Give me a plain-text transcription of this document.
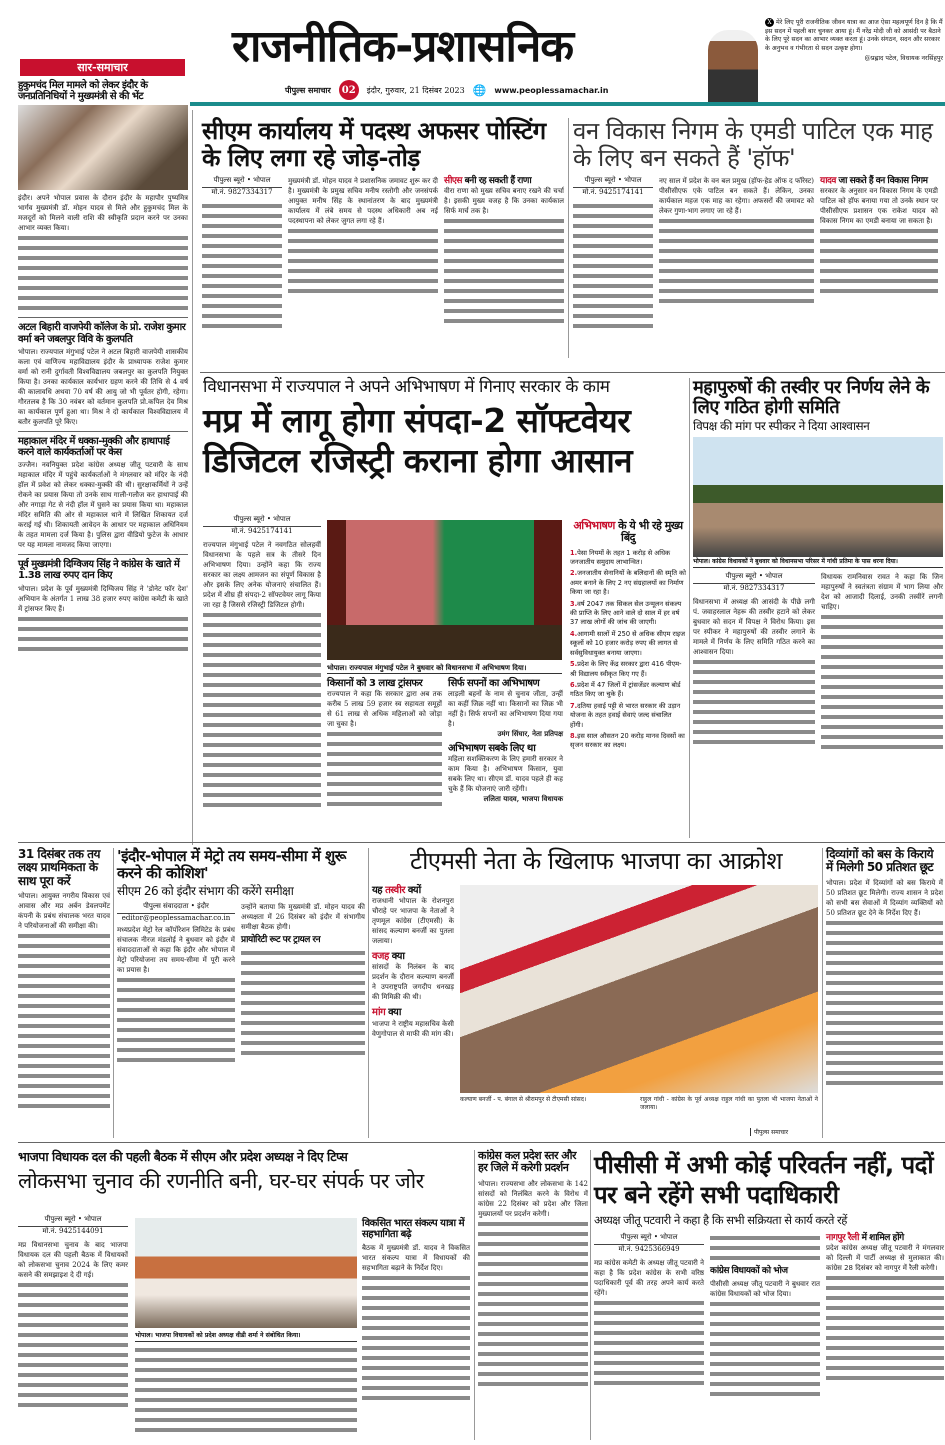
सार-समाचार	राजनीतिक-प्रशासनिक
पीपुल्स समाचार	02	इंदौर, गुरुवार, 21 दिसंबर 2023 🌐 www.peoplessamachar.in
X मेरे लिए पूरी राजनीतिक जीवन यात्रा का आज ऐसा महत्वपूर्ण दिन है कि मैं इस सदन में पहली बार चुनकर आया हूं। मैं नरेंद्र मोदी जी को आसंदी पर बैठाने के लिए पूरे सदन का आभार व्यक्त करता हूं। उनके संगठन, सदन और सरकार के अनुभव व गंभीरता से सदन उत्कृष्ट होगा।
@प्रह्लाद पटेल, विधायक नरसिंहपुर
हुकुमचंद मिल मामले को लेकर इंदौर के जनप्रतिनिधियों ने मुख्यमंत्री से की भेंट
इंदौर। अपने भोपाल प्रवास के दौरान इंदौर के महापौर पुष्यमित्र भार्गव मुख्यमंत्री डॉ. मोहन यादव से मिले और हुकुमचंद मिल के मजदूरों को मिलने वाली राशि की स्वीकृति प्रदान करने पर उनका आभार व्यक्त किया।
अटल बिहारी वाजपेयी कॉलेज के प्रो. राजेश कुमार वर्मा बने जबलपुर विवि के कुलपति
भोपाल। राज्यपाल मंगुभाई पटेल ने अटल बिहारी वाजपेयी शासकीय कला एवं वाणिज्य महाविद्यालय इंदौर के प्राध्यापक राजेश कुमार वर्मा को रानी दुर्गावती विश्वविद्यालय जबलपुर का कुलपति नियुक्त किया है। उनका कार्यकाल कार्यभार ग्रहण करने की तिथि से 4 वर्ष की कालावधि अथवा 70 वर्ष की आयु जो भी पूर्वतर होगी, रहेगा। गौरतलब है कि 30 नवंबर को वर्तमान कुलपति प्रो.कपिल देव मिश्र का कार्यकाल पूर्ण हुआ था। मिश्र ने दो कार्यकाल विश्वविद्यालय में बतौर कुलपति पूरे किए।
महाकाल मंदिर में धक्का-मुक्की और हाथापाई करने वाले कार्यकर्ताओं पर केस
उज्जैन। नवनियुक्त प्रदेश कांग्रेस अध्यक्ष जीतू पटवारी के साथ महाकाल मंदिर में पहुंचे कार्यकर्ताओं ने मंगलवार को मंदिर के नंदी हॉल में प्रवेश को लेकर धक्का-मुक्की की थी। सुरक्षाकर्मियों ने उन्हें रोकने का प्रयास किया तो उनके साथ गाली-गलौज कर हाथापाई की और नगाड़ा गेट से नंदी हॉल में घुसने का प्रयास किया था। महाकाल मंदिर समिति की ओर से महाकाल थाने में लिखित शिकायत दर्ज कराई गई थी। शिकायती आवेदन के आधार पर महाकाल अधिनियम के तहत मामला दर्ज किया है। पुलिस द्वारा वीडियो फुटेज के आधार पर यह मामला नामजद किया जाएगा।
पूर्व मुख्यमंत्री दिग्विजय सिंह ने कांग्रेस के खाते में 1.38 लाख रुपए दान किए
भोपाल। प्रदेश के पूर्व मुख्यमंत्री दिग्विजय सिंह ने 'डोनेट फॉर देश' अभियान के अंतर्गत 1 लाख 38 हजार रुपए कांग्रेस कमेटी के खाते में ट्रांसफर किए हैं।
सीएम कार्यालय में पदस्थ अफसर पोस्टिंग के लिए लगा रहे जोड़-तोड़
पीपुल्स ब्यूरो • भोपाल
मो.नं. 9827334317
मुख्यमंत्री डॉ. मोहन यादव ने प्रशासनिक जमावट शुरू कर दी है। मुख्यमंत्री के प्रमुख सचिव मनीष रस्तोगी और जनसंपर्क आयुक्त मनीष सिंह के स्थानांतरण के बाद मुख्यमंत्री कार्यालय में लंबे समय से पदस्थ अधिकारी अब नई पदस्थापना को लेकर जुगत लगा रहे हैं।
सीएस बनी रह सकती हैं राणा
वीरा राणा को मुख्य सचिव बनाए रखने की चर्चा है। इसकी मुख्य वजह है कि उनका कार्यकाल सिर्फ मार्च तक है।
वन विकास निगम के एमडी पाटिल एक माह के लिए बन सकते हैं 'हॉफ'
पीपुल्स ब्यूरो • भोपाल
मो.नं. 9425174141
नए साल में प्रदेश के वन बल प्रमुख (हॉफ-हेड ऑफ द फॉरेस्ट) पीसीसीएफ एके पाटिल बन सकते हैं। लेकिन, उनका कार्यकाल महज एक माह का रहेगा। अफसरों की जमावट को लेकर गुणा-भाग लगाए जा रहे हैं।
यादव जा सकते हैं वन विकास निगम
सरकार के अनुसार वन विकास निगम के एमडी पाटिल को हॉफ बनाया गया तो उनके स्थान पर पीसीसीएफ प्रशासन एक राकेश यादव को विकास निगम का एमडी बनाया जा सकता है।
विधानसभा में राज्यपाल ने अपने अभिभाषण में गिनाए सरकार के काम
मप्र में लागू होगा संपदा-2 सॉफ्टवेयर डिजिटल रजिस्ट्री कराना होगा आसान
पीपुल्स ब्यूरो • भोपाल
मो.नं. 9425174141
राज्यपाल मंगुभाई पटेल ने नवगठित सोलहवीं विधानसभा के पहले सत्र के तीसरे दिन अभिभाषण दिया। उन्होंने कहा कि राज्य सरकार का लक्ष्य आमजन का संपूर्ण विकास है और इसके लिए अनेक योजनाएं संचालित हैं। प्रदेश में शीघ्र ही संपदा-2 सॉफ्टवेयर लागू किया जा रहा है जिससे रजिस्ट्री डिजिटल होगी।
भोपाल। राज्यपाल मंगुभाई पटेल ने बुधवार को विधानसभा में अभिभाषण दिया।
किसानों को 3 लाख ट्रांसफर
राज्यपाल ने कहा कि सरकार द्वारा अब तक करीब 5 लाख 59 हजार स्व सहायता समूहों से 61 लाख से अधिक महिलाओं को जोड़ा जा चुका है।
सिर्फ सपनों का अभिभाषण
लाड़ली बहनों के नाम से चुनाव जीता, उन्हीं का कहीं जिक्र नहीं था। किसानों का जिक्र भी नहीं है। सिर्फ सपनों का अभिभाषण दिया गया है।
उमंग सिंघार, नेता प्रतिपक्ष
अभिभाषण सबके लिए था
महिला सशक्तिकरण के लिए हमारी सरकार ने काम किया है। अभिभाषण किसान, युवा सबके लिए था। सीएम डॉ. यादव पहले ही कह चुके हैं कि योजनाएं जारी रहेंगी।
ललिता यादव, भाजपा विधायक
अभिभाषण के ये भी रहे मुख्य बिंदु
1.पेसा नियमों के तहत 1 करोड़ से अधिक जनजातीय समुदाय लाभान्वित।
2.जनजातीय सेनानियों के बलिदानों की स्मृति को अमर बनाने के लिए 2 नए संग्रहालयों का निर्माण किया जा रहा है।
3.वर्ष 2047 तक सिकल सेल उन्मूलन संकल्प की प्राप्ति के लिए आने वाले दो साल में हर वर्ष 37 लाख लोगों की जांच की जाएगी।
4.आगामी सालों में 250 से अधिक सीएम राइज स्कूलों को 10 हजार करोड़ रुपए की लागत से सर्वसुविधायुक्त बनाया जाएगा।
5.प्रदेश के लिए केंद्र सरकार द्वारा 416 पीएम- श्री विद्यालय स्वीकृत किए गए हैं।
6.प्रदेश में 47 जिलों में ट्रांसजेंडर कल्याण बोर्ड गठित किए जा चुके हैं।
7.दतिया हवाई पट्टी से भारत सरकार की उड़ान योजना के तहत हवाई सेवाएं जल्द संचालित होंगी।
8.इस साल औसतन 20 करोड़ मानव दिवसों का सृजन सरकार का लक्ष्य।
महापुरुषों की तस्वीर पर निर्णय लेने के लिए गठित होगी समिति
विपक्ष की मांग पर स्पीकर ने दिया आश्वासन
भोपाल। कांग्रेस विधायकों ने बुधवार को विधानसभा परिसर में गांधी प्रतिमा के पास धरना दिया।
पीपुल्स ब्यूरो • भोपाल
मो.नं. 9827334317
विधानसभा में अध्यक्ष की आसंदी के पीछे लगी पं. जवाहरलाल नेहरू की तस्वीर हटाने को लेकर बुधवार को सदन में विपक्ष ने विरोध किया। इस पर स्पीकर ने महापुरुषों की तस्वीर लगाने के मामले में निर्णय के लिए समिति गठित करने का आश्वासन दिया।
विधायक रामनिवास रावत ने कहा कि जिन महापुरुषों ने स्वतंत्रता संग्राम में भाग लिया और देश को आजादी दिलाई, उनकी तस्वीरें लगनी चाहिए।
31 दिसंबर तक तय लक्ष्य प्राथमिकता के साथ पूरा करें
भोपाल। आयुक्त नगरीय विकास एवं आवास और मप्र अर्बन डेवलपमेंट कंपनी के प्रबंध संचालक भरत यादव ने परियोजनाओं की समीक्षा की।
'इंदौर-भोपाल में मेट्रो तय समय-सीमा में शुरू करने की कोशिश'
सीएम 26 को इंदौर संभाग की करेंगे समीक्षा
पीपुल्स संवाददाता • इंदौर
editor@peoplessamachar.co.in
मध्यप्रदेश मेट्रो रेल कॉर्पोरेशन लिमिटेड के प्रबंध संचालक नीरज मंडलोई ने बुधवार को इंदौर में संवाददाताओं से कहा कि इंदौर और भोपाल में मेट्रो परियोजना तय समय-सीमा में पूरी करने का प्रयास है।
उन्होंने बताया कि मुख्यमंत्री डॉ. मोहन यादव की अध्यक्षता में 26 दिसंबर को इंदौर में संभागीय समीक्षा बैठक होगी।
प्रायोरिटी रूट पर ट्रायल रन
टीएमसी नेता के खिलाफ भाजपा का आक्रोश
यह तस्वीर क्यों
राजधानी भोपाल के रोशनपुरा चौराहे पर भाजपा के नेताओं ने तृणमूल कांग्रेस (टीएमसी) के सांसद कल्याण बनर्जी का पुतला जलाया।
वजह क्या
सांसदों के निलंबन के बाद प्रदर्शन के दौरान कल्याण बनर्जी ने उपराष्ट्रपति जगदीप धनखड़ की मिमिक्री की थी।
मांग क्या
भाजपा ने राष्ट्रीय महासचिव केसी वेणुगोपाल से माफी की मांग की।
कल्याण बनर्जी - प. बंगाल से श्रीरामपुर से टीएमसी सांसद।	राहुल गांधी - कांग्रेस के पूर्व अध्यक्ष राहुल गांधी का पुतला भी भाजपा नेताओं ने जलाया।
पीपुल्स समाचार
दिव्यांगों को बस के किराये में मिलेगी 50 प्रतिशत छूट
भोपाल। प्रदेश में दिव्यांगों को बस किराये में 50 प्रतिशत छूट मिलेगी। राज्य शासन ने प्रदेश को सभी बस सेवाओं में दिव्यांग व्यक्तियों को 50 प्रतिशत छूट देने के निर्देश दिए हैं।
भाजपा विधायक दल की पहली बैठक में सीएम और प्रदेश अध्यक्ष ने दिए टिप्स
लोकसभा चुनाव की रणनीति बनी, घर-घर संपर्क पर जोर
पीपुल्स ब्यूरो • भोपाल
मो.नं. 9425144091
मप्र विधानसभा चुनाव के बाद भाजपा विधायक दल की पहली बैठक में विधायकों को लोकसभा चुनाव 2024 के लिए कमर कसने की समझाइश दे दी गई।
भोपाल। भाजपा विधायकों को प्रदेश अध्यक्ष वीडी शर्मा ने संबोधित किया।
विकसित भारत संकल्प यात्रा में सहभागिता बढ़े
बैठक में मुख्यमंत्री डॉ. यादव ने विकसित भारत संकल्प यात्रा में विधायकों की सहभागिता बढ़ाने के निर्देश दिए।
कांग्रेस कल प्रदेश स्तर और हर जिले में करेगी प्रदर्शन
भोपाल। राज्यसभा और लोकसभा के 142 सांसदों को निलंबित करने के विरोध में कांग्रेस 22 दिसंबर को प्रदेश और जिला मुख्यालयों पर प्रदर्शन करेगी।
पीसीसी में अभी कोई परिवर्तन नहीं, पदों पर बने रहेंगे सभी पदाधिकारी
अध्यक्ष जीतू पटवारी ने कहा है कि सभी सक्रियता से कार्य करते रहें
पीपुल्स ब्यूरो • भोपाल
मो.नं. 9425366949
मप्र कांग्रेस कमेटी के अध्यक्ष जीतू पटवारी ने कहा है कि प्रदेश कांग्रेस के सभी वरिष्ठ पदाधिकारी पूर्व की तरह अपने कार्य करते रहेंगे।
कांग्रेस विधायकों को भोज
पीसीसी अध्यक्ष जीतू पटवारी ने बुधवार रात कांग्रेस विधायकों को भोज दिया।
नागपुर रैली में शामिल होंगे
प्रदेश कांग्रेस अध्यक्ष जीतू पटवारी ने मंगलवार को दिल्ली में पार्टी अध्यक्ष से मुलाकात की। कांग्रेस 28 दिसंबर को नागपुर में रैली करेगी।
